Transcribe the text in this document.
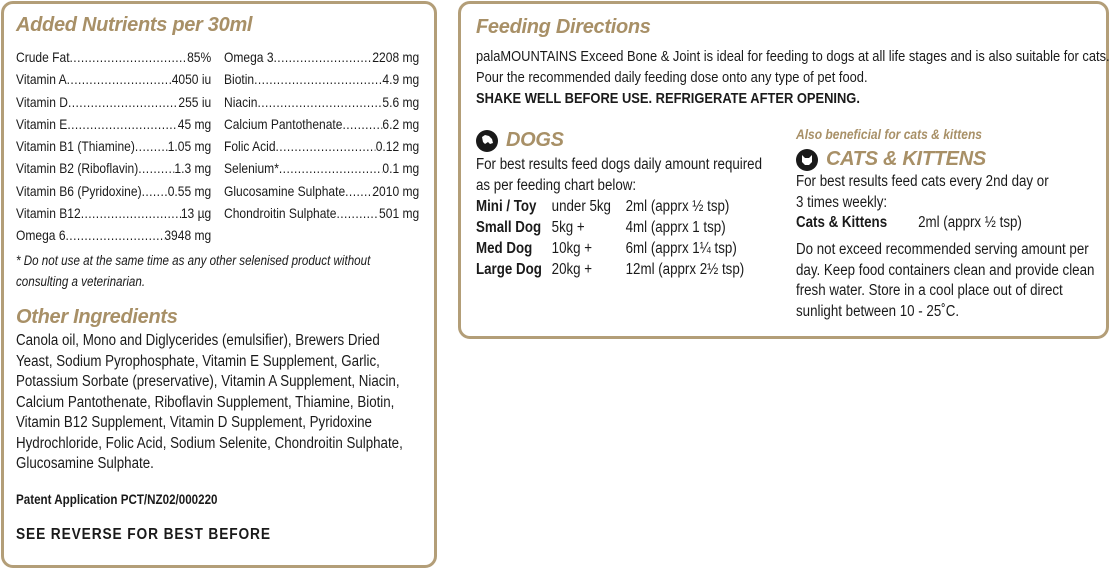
Added Nutrients per 30ml
Crude Fat .....	85%
Vitamin A .....	4050 iu
Vitamin D .....	255 iu
Vitamin E .....	45 mg
Vitamin B1 (Thiamine) ..... 1.05 mg
Vitamin B2 (Riboflavin) .....	1.3 mg
Vitamin B6 (Pyridoxine) ..... 0.55 mg
Vitamin B12 .....	13 µg
Omega 6 .....	3948 mg
Omega 3 .....	2208 mg
Biotin .....	4.9 mg
Niacin .....	5.6 mg
Calcium Pantothenate .....	6.2 mg
Folic Acid .....	0.12 mg
Selenium* .....	0.1 mg
Glucosamine Sulphate ..... 2010 mg
Chondroitin Sulphate .....	501 mg
* Do not use at the same time as any other selenised product without consulting a veterinarian.
Other Ingredients
Canola oil, Mono and Diglycerides (emulsifier), Brewers Dried Yeast, Sodium Pyrophosphate, Vitamin E Supplement, Garlic, Potassium Sorbate (preservative), Vitamin A Supplement, Niacin, Calcium Pantothenate, Riboflavin Supplement, Thiamine, Biotin, Vitamin B12 Supplement, Vitamin D Supplement, Pyridoxine Hydrochloride, Folic Acid, Sodium Selenite, Chondroitin Sulphate, Glucosamine Sulphate.
Patent Application PCT/NZ02/000220
SEE REVERSE FOR BEST BEFORE
Feeding Directions
palaMOUNTAINS Exceed Bone & Joint is ideal for feeding to dogs at all life stages and is also suitable for cats.
Pour the recommended daily feeding dose onto any type of pet food.
SHAKE WELL BEFORE USE. REFRIGERATE AFTER OPENING.
DOGS
For best results feed dogs daily amount required as per feeding chart below:
Mini / Toy under 5kg 2ml (apprx ½ tsp)
Small Dog 5kg +	4ml (apprx 1 tsp)
Med Dog	10kg +	6ml (apprx 1¼ tsp)
Large Dog 20kg +	12ml (apprx 2½ tsp)
Also beneficial for cats & kittens
CATS & KITTENS
For best results feed cats every 2nd day or
3 times weekly:
Cats & Kittens	2ml (apprx ½ tsp)
Do not exceed recommended serving amount per day. Keep food containers clean and provide clean fresh water. Store in a cool place out of direct sunlight between 10 - 25˚C.
